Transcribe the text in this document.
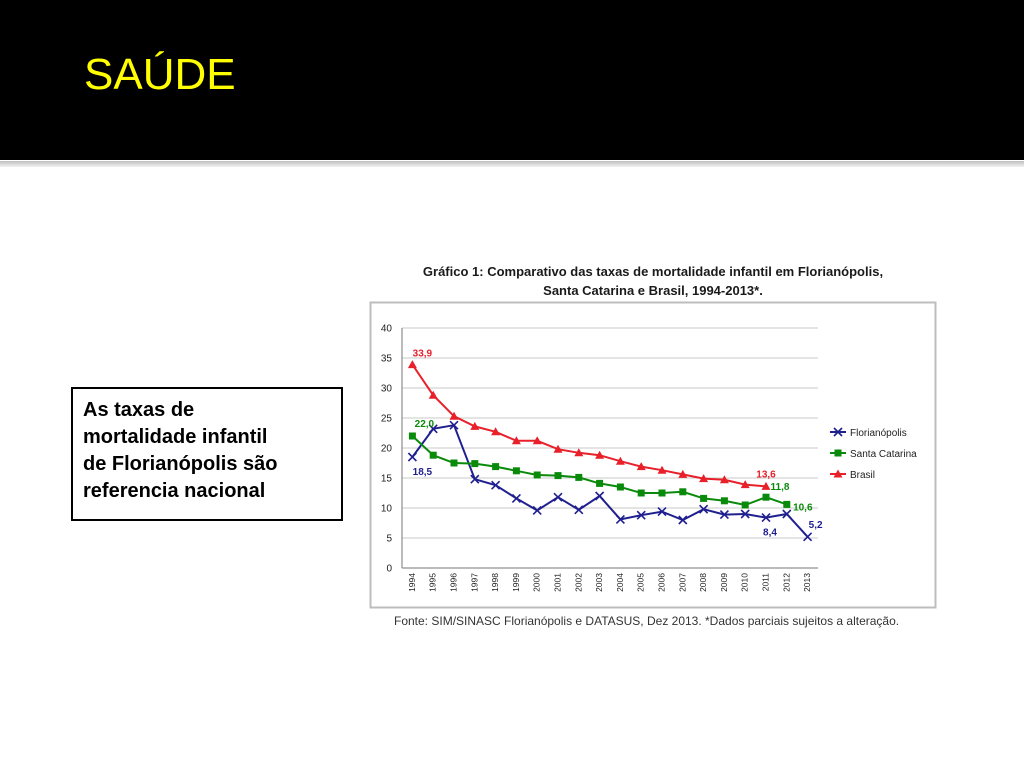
SAÚDE
As taxas de
mortalidade infantil
de Florianópolis são
referencia nacional
Gráfico 1: Comparativo das taxas de mortalidade infantil em Florianópolis,
Santa Catarina e Brasil, 1994-2013*.
0
5
10
15
20
25
30
35
40
1994 1995 1996 1997 1998 1999 2000 2001 2002 2003 2004 2005 2006 2007 2008 2009 2010 2011 2012 2013
Florianópolis
Santa Catarina
Brasil
33,9
22,0
18,5	13,6
11,8
10,6
8,4
5,2
Fonte: SIM/SINASC Florianópolis e DATASUS, Dez 2013. *Dados parciais sujeitos a alteração.
